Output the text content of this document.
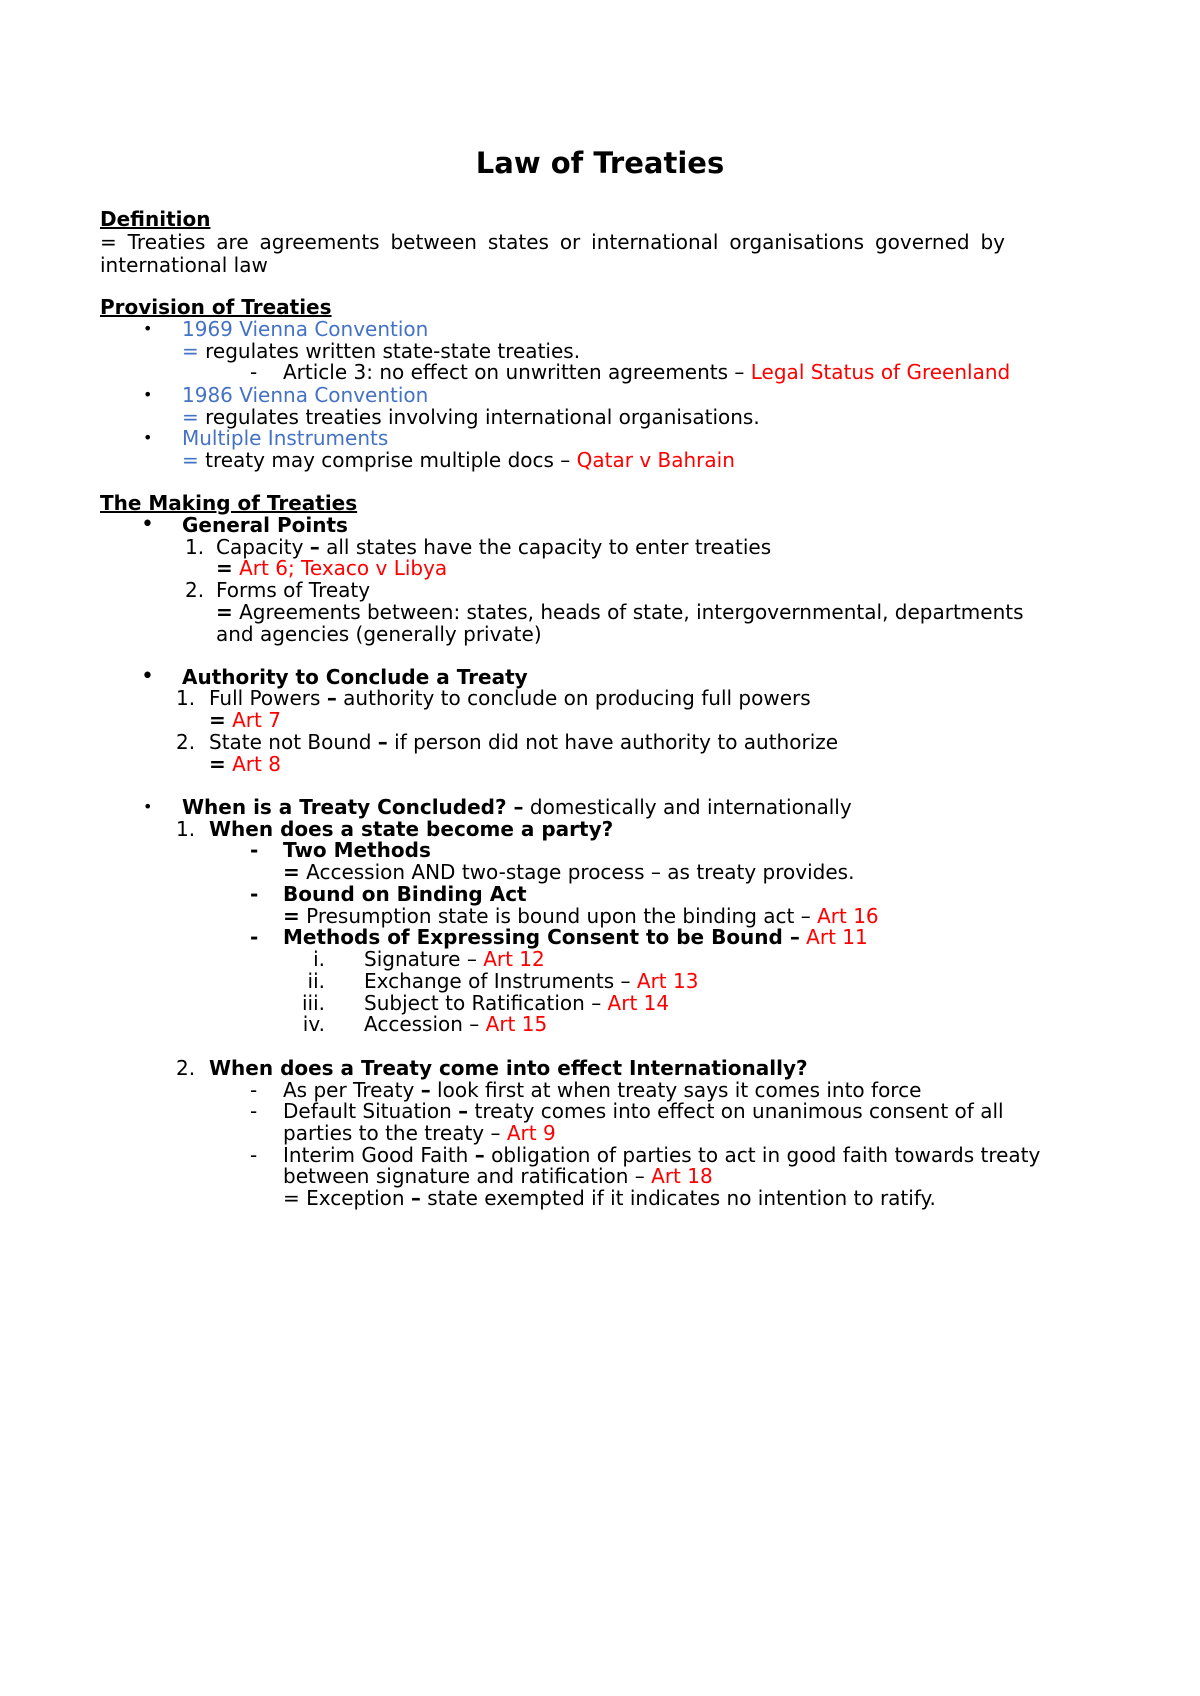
Law of Treaties
Definition
= Treaties are agreements between states or international organisations governed by
international law
Provision of Treaties
• 1969 Vienna Convention
= regulates written state-state treaties.
- Article 3: no effect on unwritten agreements – Legal Status of Greenland
• 1986 Vienna Convention
= regulates treaties involving international organisations.
• Multiple Instruments
= treaty may comprise multiple docs – Qatar v Bahrain
The Making of Treaties
• General Points
1. Capacity – all states have the capacity to enter treaties
= Art 6; Texaco v Libya
2. Forms of Treaty
= Agreements between: states, heads of state, intergovernmental, departments
and agencies (generally private)
• Authority to Conclude a Treaty
1. Full Powers – authority to conclude on producing full powers
= Art 7
2. State not Bound – if person did not have authority to authorize
= Art 8
• When is a Treaty Concluded? – domestically and internationally
1. When does a state become a party?
- Two Methods
= Accession AND two-stage process – as treaty provides.
- Bound on Binding Act
= Presumption state is bound upon the binding act – Art 16
- Methods of Expressing Consent to be Bound – Art 11
i. Signature – Art 12
ii. Exchange of Instruments – Art 13
iii. Subject to Ratification – Art 14
iv. Accession – Art 15
2. When does a Treaty come into effect Internationally?
- As per Treaty – look first at when treaty says it comes into force
- Default Situation – treaty comes into effect on unanimous consent of all
parties to the treaty – Art 9
- Interim Good Faith – obligation of parties to act in good faith towards treaty
between signature and ratification – Art 18
= Exception – state exempted if it indicates no intention to ratify.
